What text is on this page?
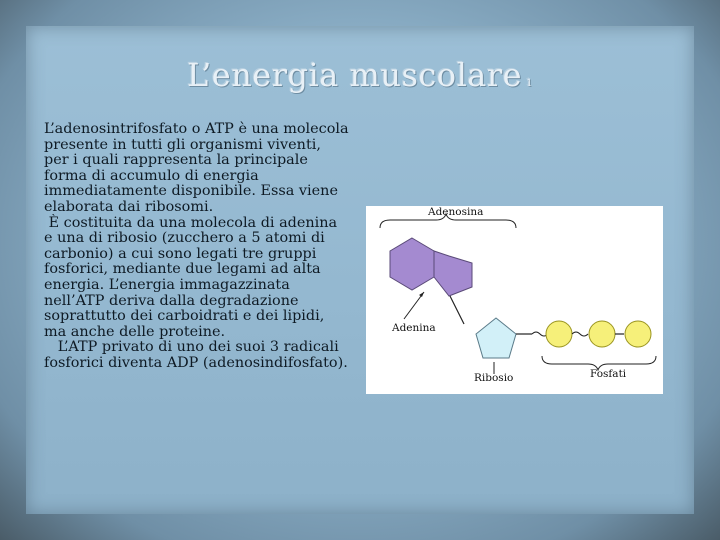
L’energia muscolare 1

L’adenosintrifosfato o ATP è una molecola presente in tutti gli organismi viventi, per i quali rappresenta la principale forma di accumulo di energia immediatamente disponibile. Essa viene elaborata dai ribosomi.

È costituita da una molecola di adenina e una di ribosio (zucchero a 5 atomi di carbonio) a cui sono legati tre gruppi fosforici, mediante due legami ad alta energia. L’energia immagazzinata nell’ATP deriva dalla degradazione soprattutto dei carboidrati e dei lipidi, ma anche delle proteine.

L’ATP privato di uno dei suoi 3 radicali fosforici diventa ADP (adenosindifosfato).

Adenosina
Adenina
Ribosio	Fosfati
